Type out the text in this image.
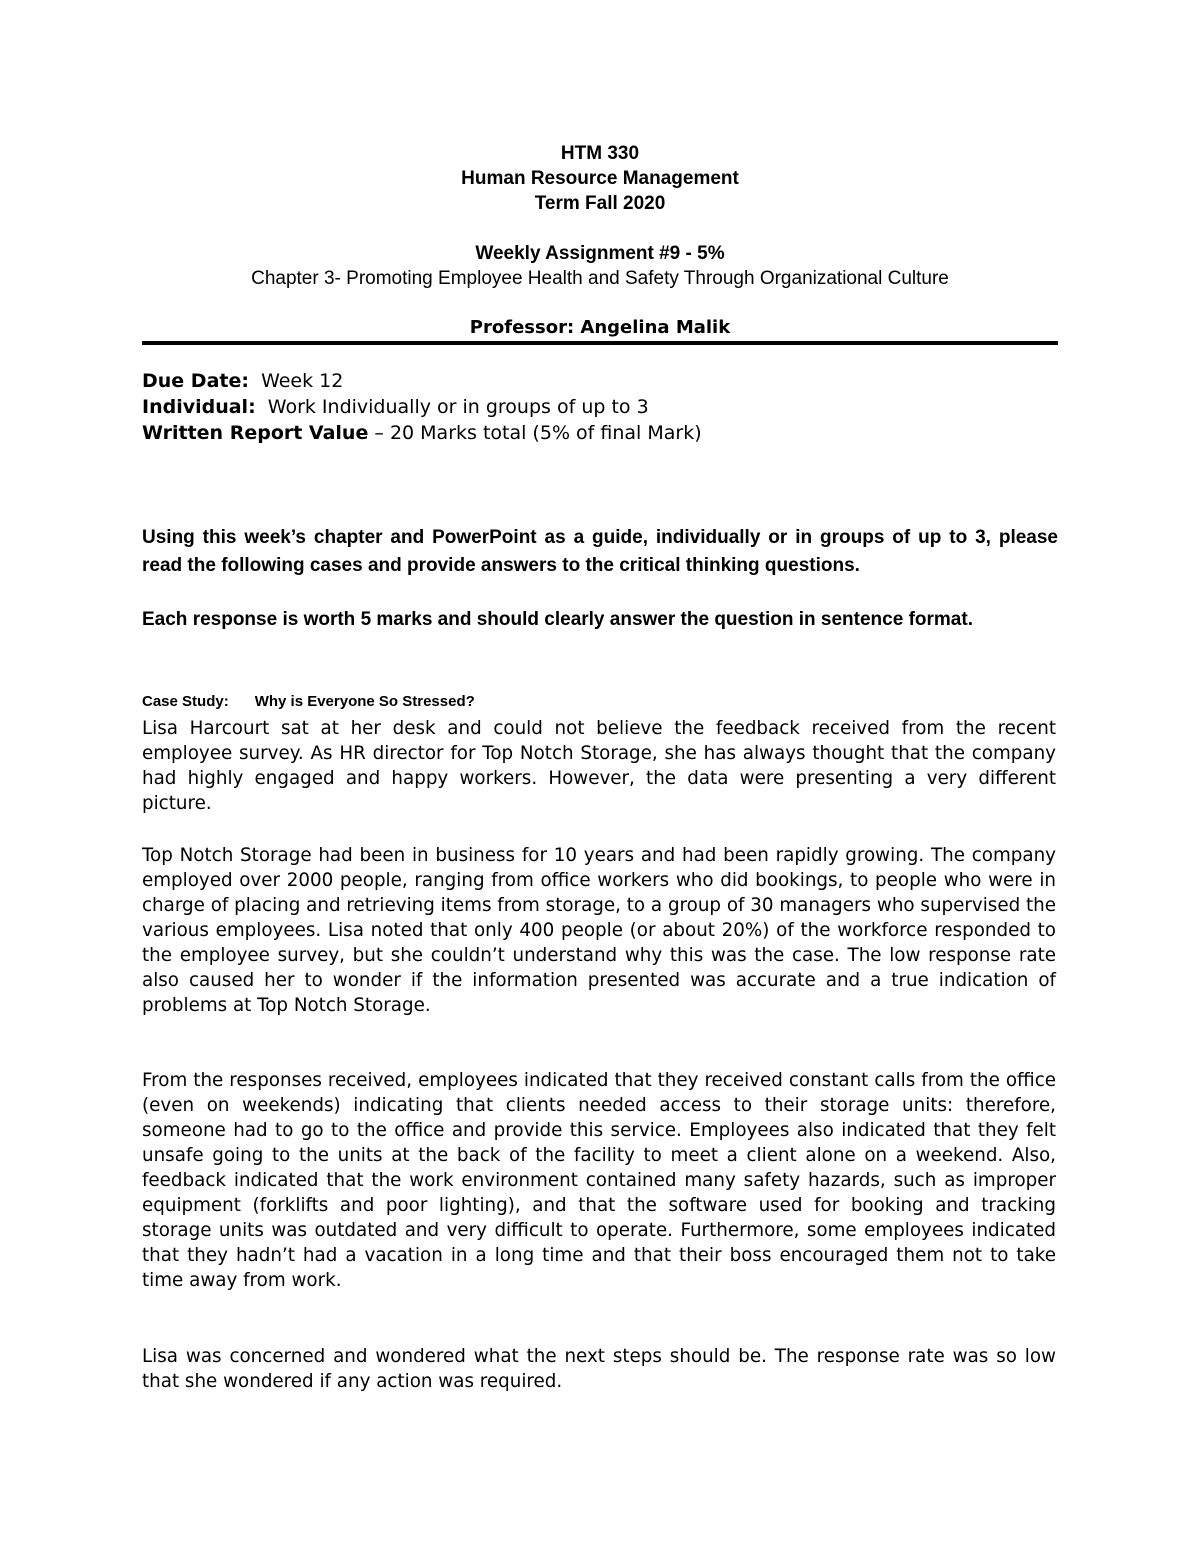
HTM 330
Human Resource Management
Term Fall 2020
Weekly Assignment #9 - 5%
Chapter 3- Promoting Employee Health and Safety Through Organizational Culture
Professor: Angelina Malik
Due Date: Week 12
Individual: Work Individually or in groups of up to 3
Written Report Value – 20 Marks total (5% of final Mark)
Using this week’s chapter and PowerPoint as a guide, individually or in groups of up to 3, please read the following cases and provide answers to the critical thinking questions.
Each response is worth 5 marks and should clearly answer the question in sentence format.
Case Study: Why is Everyone So Stressed?

Lisa Harcourt sat at her desk and could not believe the feedback received from the recent employee survey. As HR director for Top Notch Storage, she has always thought that the company had highly engaged and happy workers. However, the data were presenting a very different picture.

Top Notch Storage had been in business for 10 years and had been rapidly growing. The company employed over 2000 people, ranging from office workers who did bookings, to people who were in charge of placing and retrieving items from storage, to a group of 30 managers who supervised the various employees. Lisa noted that only 400 people (or about 20%) of the workforce responded to the employee survey, but she couldn’t understand why this was the case. The low response rate also caused her to wonder if the information presented was accurate and a true indication of problems at Top Notch Storage.

From the responses received, employees indicated that they received constant calls from the office (even on weekends) indicating that clients needed access to their storage units: therefore, someone had to go to the office and provide this service. Employees also indicated that they felt unsafe going to the units at the back of the facility to meet a client alone on a weekend. Also, feedback indicated that the work environment contained many safety hazards, such as improper equipment (forklifts and poor lighting), and that the software used for booking and tracking storage units was outdated and very difficult to operate. Furthermore, some employees indicated that they hadn’t had a vacation in a long time and that their boss encouraged them not to take time away from work.

Lisa was concerned and wondered what the next steps should be. The response rate was so low that she wondered if any action was required.
